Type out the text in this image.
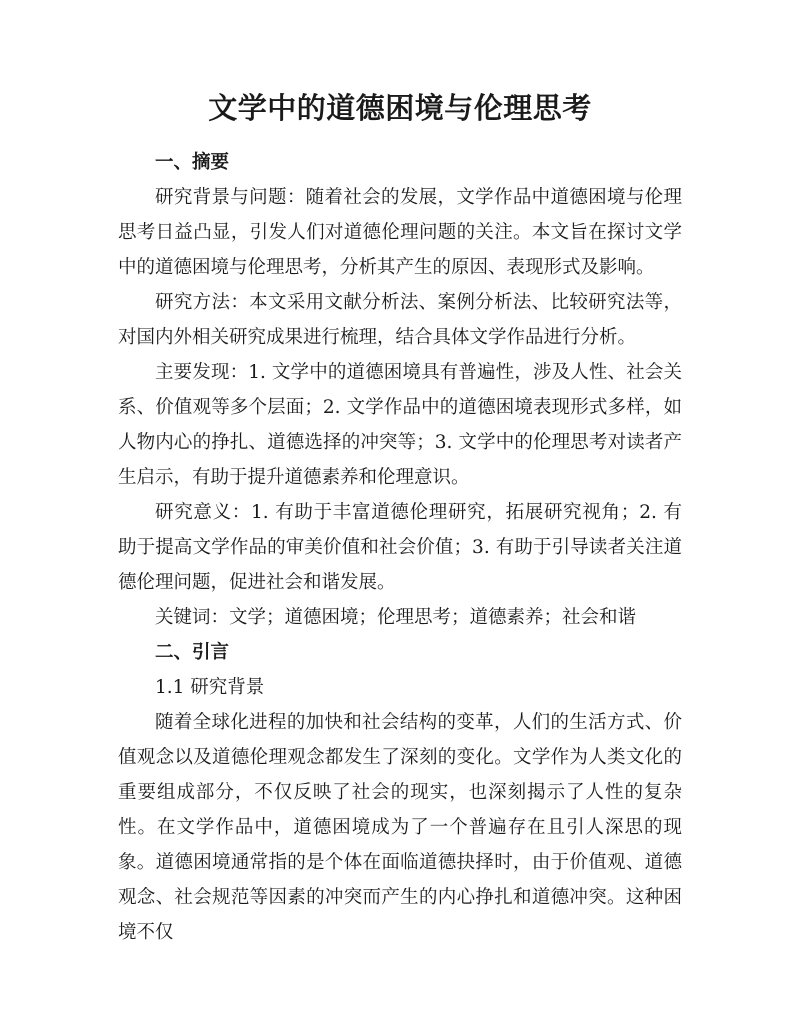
文学中的道德困境与伦理思考
一、摘要

研究背景与问题：随着社会的发展，文学作品中道德困境与伦理思考日益凸显，引发人们对道德伦理问题的关注。本文旨在探讨文学中的道德困境与伦理思考，分析其产生的原因、表现形式及影响。

研究方法：本文采用文献分析法、案例分析法、比较研究法等，对国内外相关研究成果进行梳理，结合具体文学作品进行分析。

主要发现：1. 文学中的道德困境具有普遍性，涉及人性、社会关系、价值观等多个层面；2. 文学作品中的道德困境表现形式多样，如人物内心的挣扎、道德选择的冲突等；3. 文学中的伦理思考对读者产生启示，有助于提升道德素养和伦理意识。

研究意义：1. 有助于丰富道德伦理研究，拓展研究视角；2. 有助于提高文学作品的审美价值和社会价值；3. 有助于引导读者关注道德伦理问题，促进社会和谐发展。

关键词：文学；道德困境；伦理思考；道德素养；社会和谐

二、引言
1.1 研究背景

随着全球化进程的加快和社会结构的变革，人们的生活方式、价值观念以及道德伦理观念都发生了深刻的变化。文学作为人类文化的重要组成部分，不仅反映了社会的现实，也深刻揭示了人性的复杂性。在文学作品中，道德困境成为了一个普遍存在且引人深思的现象。道德困境通常指的是个体在面临道德抉择时，由于价值观、道德观念、社会规范等因素的冲突而产生的内心挣扎和道德冲突。这种困境不仅
